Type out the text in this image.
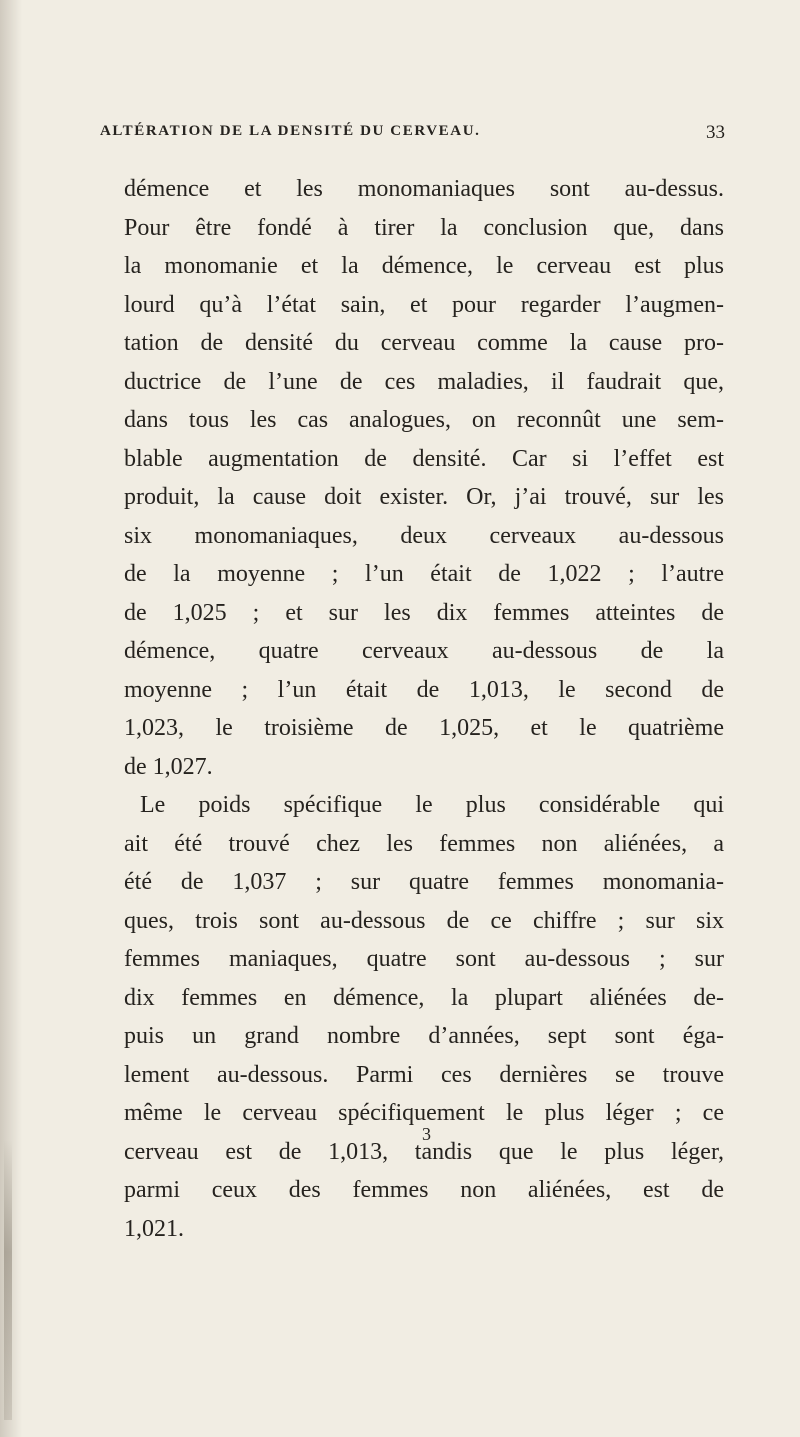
ALTÉRATION DE LA DENSITÉ DU CERVEAU.	33
démence et les monomaniaques sont au-dessus.
Pour être fondé à tirer la conclusion que, dans
la monomanie et la démence, le cerveau est plus
lourd qu’à l’état sain, et pour regarder l’augmen-
tation de densité du cerveau comme la cause pro-
ductrice de l’une de ces maladies, il faudrait que,
dans tous les cas analogues, on reconnût une sem-
blable augmentation de densité. Car si l’effet est
produit, la cause doit exister. Or, j’ai trouvé, sur les
six monomaniaques, deux cerveaux au-dessous
de la moyenne ; l’un était de 1,022 ; l’autre
de 1,025 ; et sur les dix femmes atteintes de
démence, quatre cerveaux au-dessous de la
moyenne ; l’un était de 1,013, le second de
1,023, le troisième de 1,025, et le quatrième
de 1,027.
Le poids spécifique le plus considérable qui
ait été trouvé chez les femmes non aliénées, a
été de 1,037 ; sur quatre femmes monomania-
ques, trois sont au-dessous de ce chiffre ; sur six
femmes maniaques, quatre sont au-dessous ; sur
dix femmes en démence, la plupart aliénées de-
puis un grand nombre d’années, sept sont éga-
lement au-dessous. Parmi ces dernières se trouve
même le cerveau spécifiquement le plus léger ; ce
cerveau est de 1,013, tandis que le plus léger,
parmi ceux des femmes non aliénées, est de
1,021.
3
